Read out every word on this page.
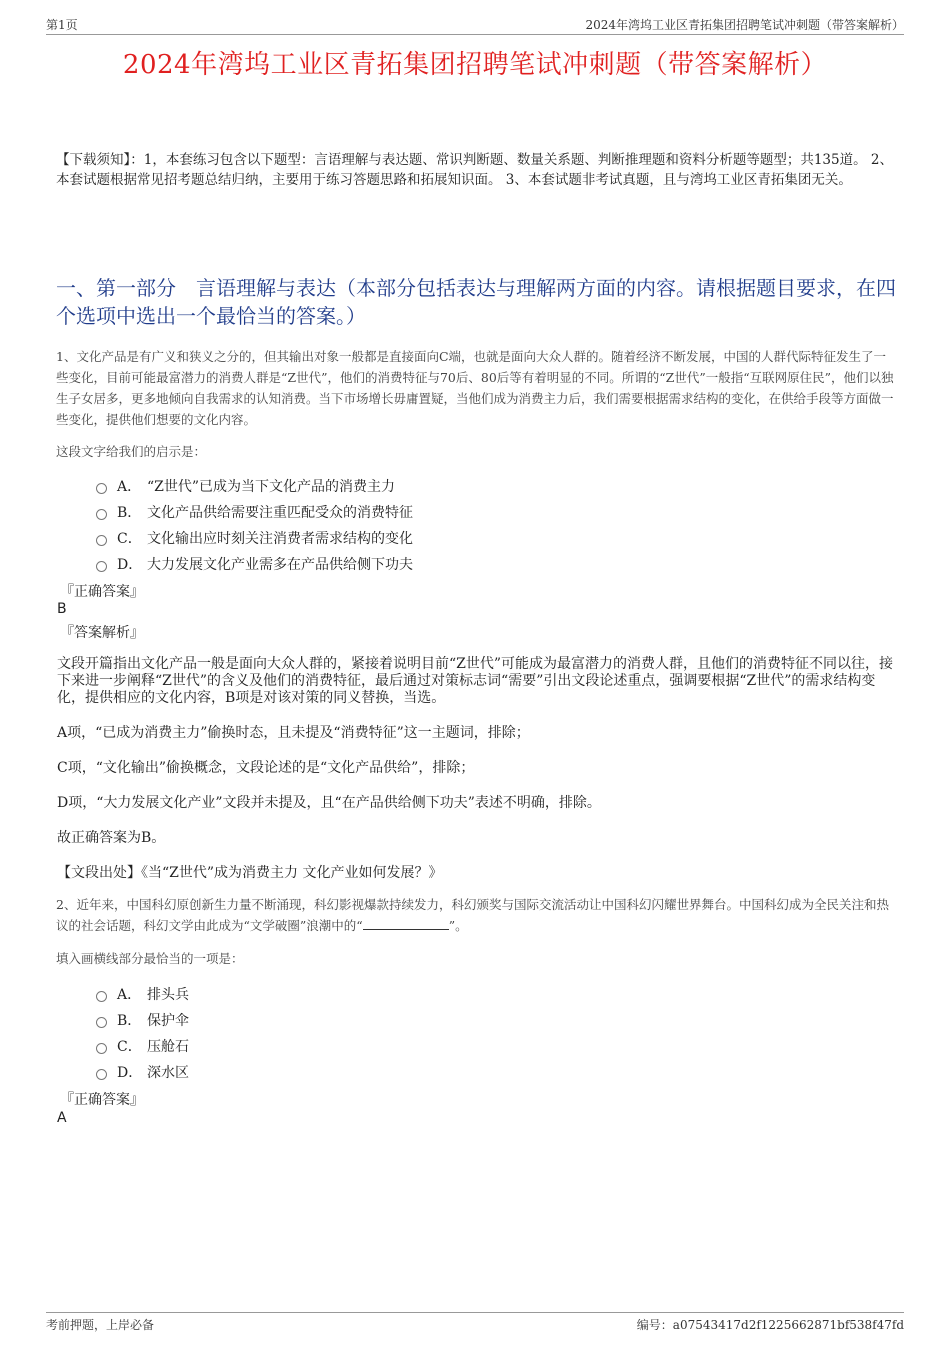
第1页	2024年湾坞工业区青拓集团招聘笔试冲刺题（带答案解析）
2024年湾坞工业区青拓集团招聘笔试冲刺题（带答案解析）
【下载须知】：1，本套练习包含以下题型：言语理解与表达题、常识判断题、数量关系题、判断推理题和资料分析题等题型；共135道。 2、本套试题根据常见招考题总结归纳，主要用于练习答题思路和拓展知识面。 3、本套试题非考试真题，且与湾坞工业区青拓集团无关。
一、第一部分　言语理解与表达（本部分包括表达与理解两方面的内容。请根据题目要求，在四个选项中选出一个最恰当的答案。）
1、文化产品是有广义和狭义之分的，但其输出对象一般都是直接面向C端，也就是面向大众人群的。随着经济不断发展，中国的人群代际特征发生了一些变化，目前可能最富潜力的消费人群是“Z世代”，他们的消费特征与70后、80后等有着明显的不同。所谓的“Z世代”一般指“互联网原住民”，他们以独生子女居多，更多地倾向自我需求的认知消费。当下市场增长毋庸置疑，当他们成为消费主力后，我们需要根据需求结构的变化，在供给手段等方面做一些变化，提供他们想要的文化内容。
这段文字给我们的启示是：
A． “Z世代”已成为当下文化产品的消费主力
B． 文化产品供给需要注重匹配受众的消费特征
C． 文化输出应时刻关注消费者需求结构的变化
D． 大力发展文化产业需多在产品供给侧下功夫
『正确答案』
B
『答案解析』

文段开篇指出文化产品一般是面向大众人群的，紧接着说明目前“Z世代”可能成为最富潜力的消费人群，且他们的消费特征不同以往，接下来进一步阐释“Z世代”的含义及他们的消费特征，最后通过对策标志词“需要”引出文段论述重点，强调要根据“Z世代”的需求结构变化，提供相应的文化内容，B项是对该对策的同义替换，当选。

A项，“已成为消费主力”偷换时态，且未提及“消费特征”这一主题词，排除；

C项，“文化输出”偷换概念，文段论述的是“文化产品供给”，排除；

D项，“大力发展文化产业”文段并未提及，且“在产品供给侧下功夫”表述不明确，排除。

故正确答案为B。

【文段出处】《当“Z世代”成为消费主力 文化产业如何发展？》

2、近年来，中国科幻原创新生力量不断涌现，科幻影视爆款持续发力，科幻颁奖与国际交流活动让中国科幻闪耀世界舞台。中国科幻成为全民关注和热议的社会话题，科幻文学由此成为“文学破圈”浪潮中的“	”。
填入画横线部分最恰当的一项是：
A． 排头兵
B． 保护伞
C． 压舱石
D． 深水区
『正确答案』
A
考前押题，上岸必备	编号：a07543417d2f1225662871bf538f47fd
